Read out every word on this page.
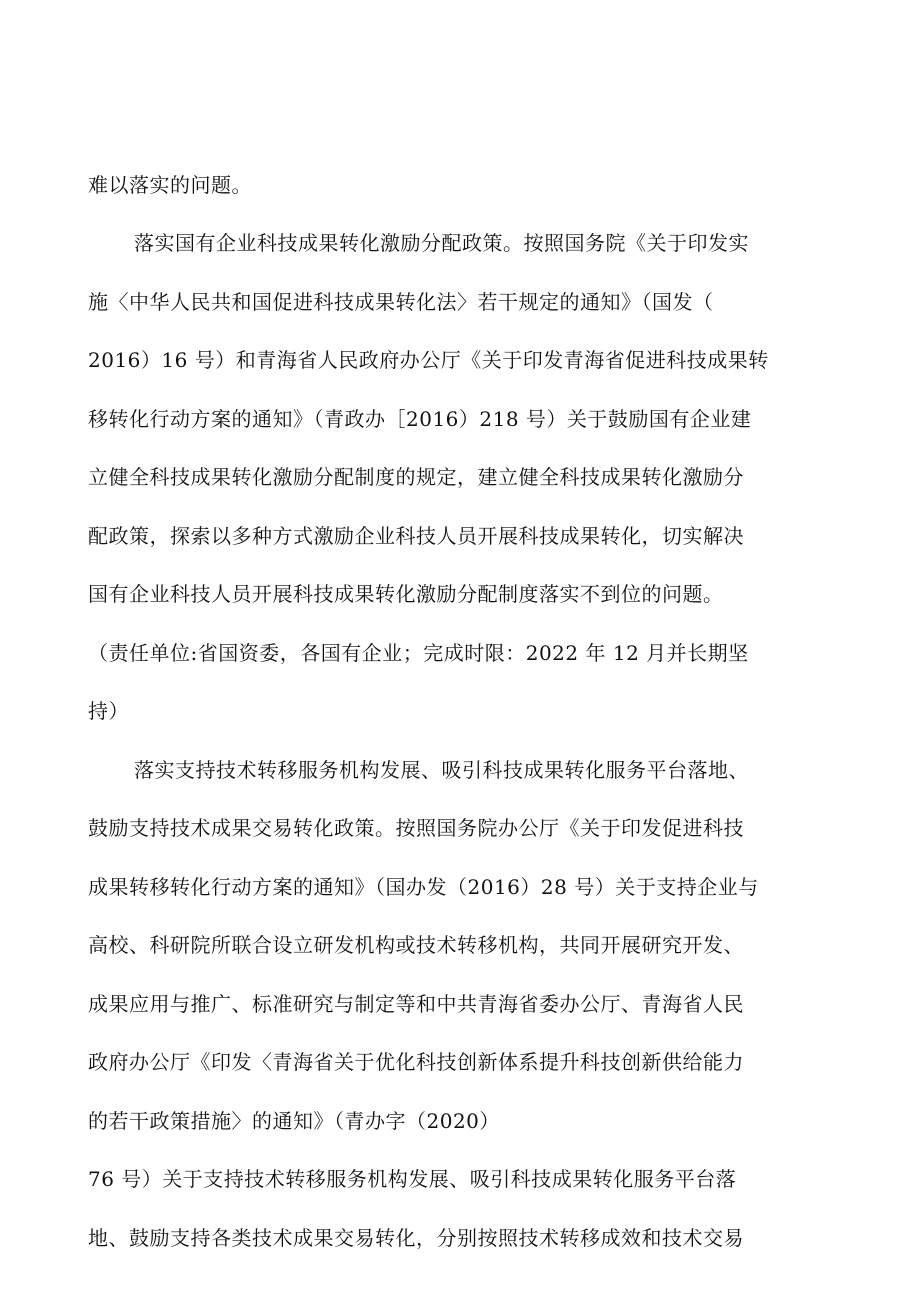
难以落实的问题。
落实国有企业科技成果转化激励分配政策。按照国务院《关于印发实
施〈中华人民共和国促进科技成果转化法〉若干规定的通知》（国发（
2016）16 号）和青海省人民政府办公厅《关于印发青海省促进科技成果转
移转化行动方案的通知》（青政办［2016）218 号）关于鼓励国有企业建
立健全科技成果转化激励分配制度的规定，建立健全科技成果转化激励分
配政策，探索以多种方式激励企业科技人员开展科技成果转化，切实解决
国有企业科技人员开展科技成果转化激励分配制度落实不到位的问题。
（责任单位:省国资委，各国有企业；完成时限：2022 年 12 月并长期坚
持）
落实支持技术转移服务机构发展、吸引科技成果转化服务平台落地、
鼓励支持技术成果交易转化政策。按照国务院办公厅《关于印发促进科技
成果转移转化行动方案的通知》（国办发（2016）28 号）关于支持企业与
高校、科研院所联合设立研发机构或技术转移机构，共同开展研究开发、
成果应用与推广、标准研究与制定等和中共青海省委办公厅、青海省人民
政府办公厅《印发〈青海省关于优化科技创新体系提升科技创新供给能力
的若干政策措施〉的通知》（青办字（2020）
76 号）关于支持技术转移服务机构发展、吸引科技成果转化服务平台落
地、鼓励支持各类技术成果交易转化，分别按照技术转移成效和技术交易
